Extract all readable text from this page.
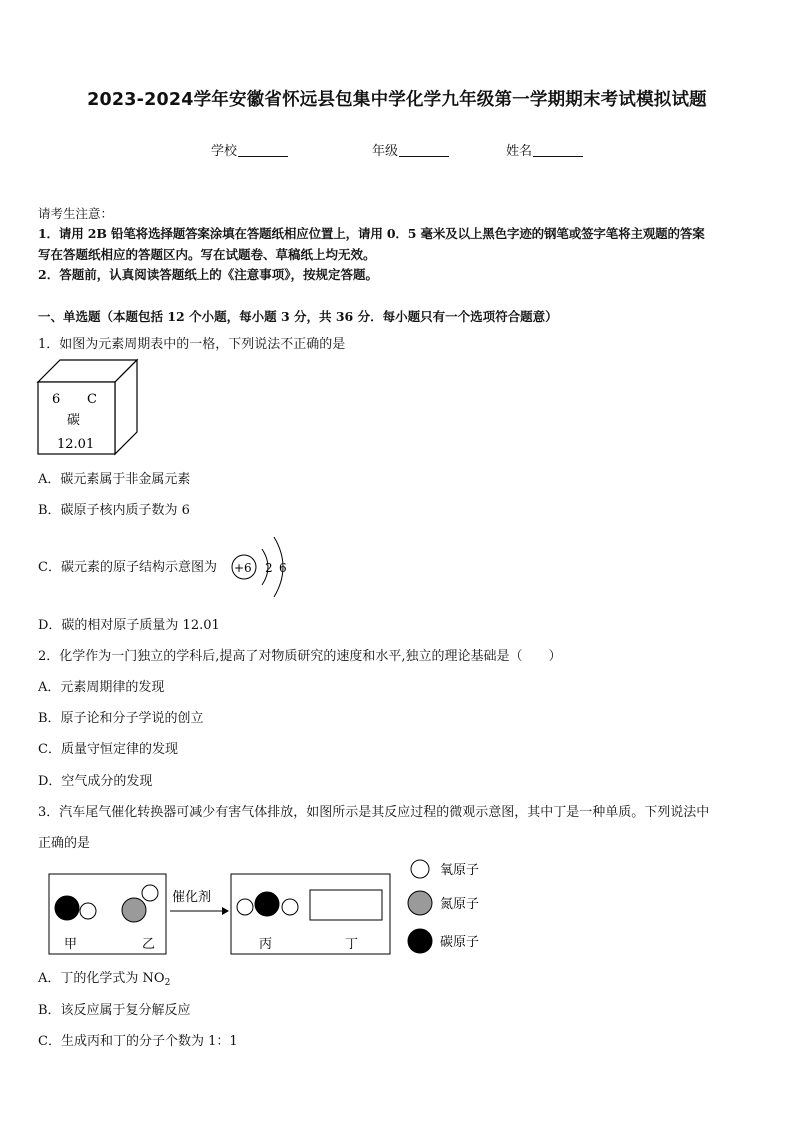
2023-2024学年安徽省怀远县包集中学化学九年级第一学期期末考试模拟试题
学校	年级	姓名
请考生注意：
1．请用 2B 铅笔将选择题答案涂填在答题纸相应位置上，请用 0．5 毫米及以上黑色字迹的钢笔或签字笔将主观题的答案
写在答题纸相应的答题区内。写在试题卷、草稿纸上均无效。
2．答题前，认真阅读答题纸上的《注意事项》，按规定答题。
一、单选题（本题包括 12 个小题，每小题 3 分，共 36 分．每小题只有一个选项符合题意）
1．如图为元素周期表中的一格，下列说法不正确的是
6 C
碳
12.01
A．碳元素属于非金属元素
B．碳原子核内质子数为 6
C．碳元素的原子结构示意图为 +6 2 6
D．碳的相对原子质量为 12.01
2．化学作为一门独立的学科后,提高了对物质研究的速度和水平,独立的理论基础是（　　）
A．元素周期律的发现
B．原子论和分子学说的创立
C．质量守恒定律的发现
D．空气成分的发现
3．汽车尾气催化转换器可减少有害气体排放，如图所示是其反应过程的微观示意图，其中丁是一种单质。下列说法中
正确的是
甲	乙
催化剂
丙	丁
氧原子
氮原子
碳原子
A．丁的化学式为 $NO_2$
B．该反应属于复分解反应
C．生成丙和丁的分子个数为 1：1
